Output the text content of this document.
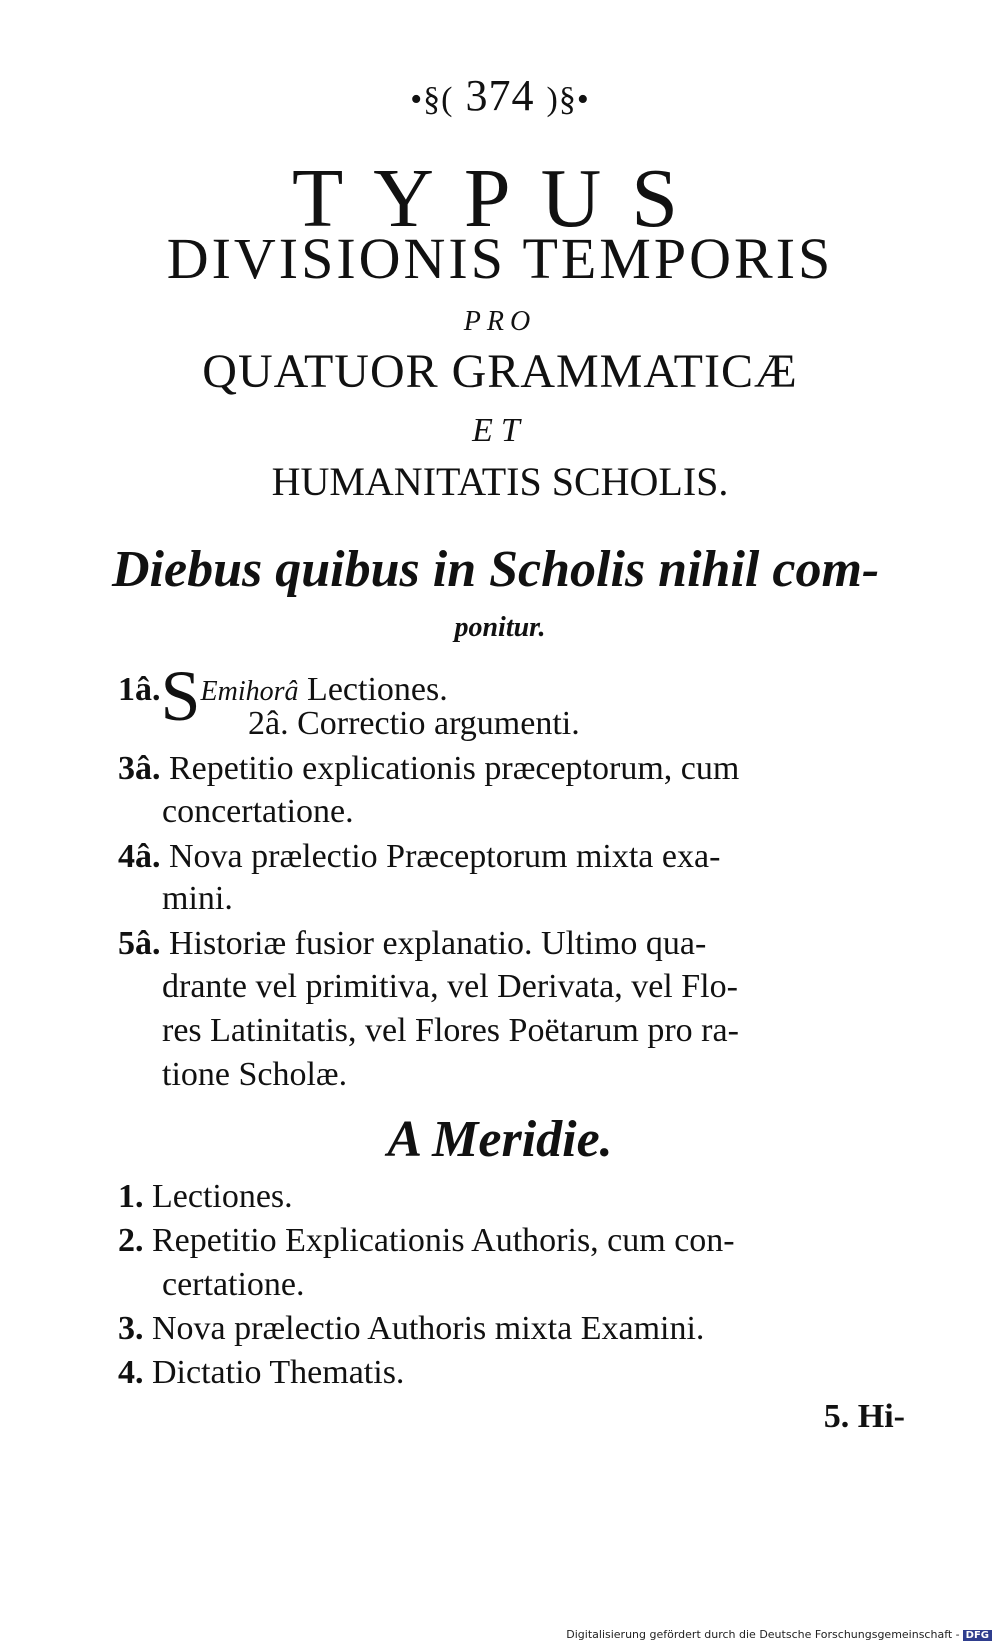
•§( 374 )§•
TYPUS
DIVISIONIS TEMPORIS
PRO
QUATUOR GRAMMATICÆ
ET
HUMANITATIS SCHOLIS.
Diebus quibus in Scholis nihil com-
ponitur.
1â.SEmihorâ Lectiones.
2â. Correctio argumenti.
3â. Repetitio explicationis præceptorum, cum
concertatione.
4â. Nova prælectio Præceptorum mixta exa-
mini.
5â. Historiæ fusior explanatio. Ultimo qua-
drante vel primitiva, vel Derivata, vel Flo-
res Latinitatis, vel Flores Poëtarum pro ra-
tione Scholæ.
A Meridie.
1. Lectiones.
2. Repetitio Explicationis Authoris, cum con-
certatione.
3. Nova prælectio Authoris mixta Examini.
4. Dictatio Thematis.
5. Hi-
Digitalisierung gefördert durch die Deutsche Forschungsgemeinschaft - DFG
